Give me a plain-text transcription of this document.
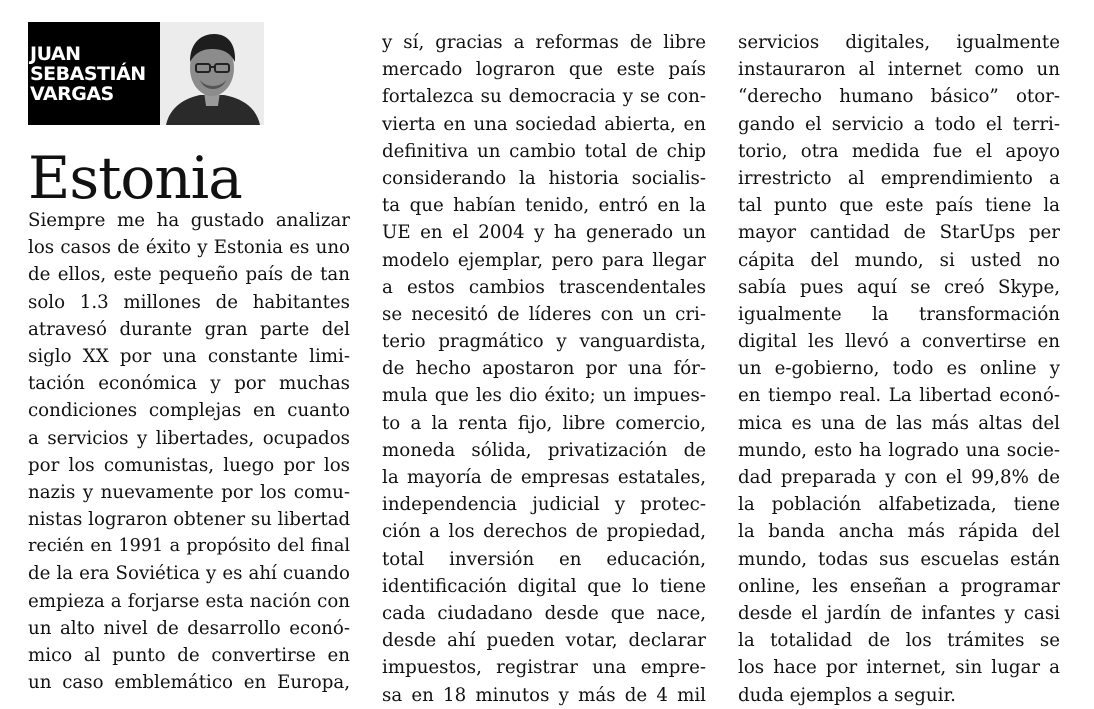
JUAN
SEBASTIÁN
VARGAS
Estonia
Siempre me ha gustado analizar
los casos de éxito y Estonia es uno
de ellos, este pequeño país de tan
solo 1.3 millones de habitantes
atravesó durante gran parte del
siglo XX por una constante limi-
tación económica y por muchas
condiciones complejas en cuanto
a servicios y libertades, ocupados
por los comunistas, luego por los
nazis y nuevamente por los comu-
nistas lograron obtener su libertad
recién en 1991 a propósito del final
de la era Soviética y es ahí cuando
empieza a forjarse esta nación con
un alto nivel de desarrollo econó-
mico al punto de convertirse en
un caso emblemático en Europa,
y sí, gracias a reformas de libre
mercado lograron que este país
fortalezca su democracia y se con-
vierta en una sociedad abierta, en
definitiva un cambio total de chip
considerando la historia socialis-
ta que habían tenido, entró en la
UE en el 2004 y ha generado un
modelo ejemplar, pero para llegar
a estos cambios trascendentales
se necesitó de líderes con un cri-
terio pragmático y vanguardista,
de hecho apostaron por una fór-
mula que les dio éxito; un impues-
to a la renta fijo, libre comercio,
moneda sólida, privatización de
la mayoría de empresas estatales,
independencia judicial y protec-
ción a los derechos de propiedad,
total inversión en educación,
identificación digital que lo tiene
cada ciudadano desde que nace,
desde ahí pueden votar, declarar
impuestos, registrar una empre-
sa en 18 minutos y más de 4 mil
servicios digitales, igualmente
instauraron al internet como un
“derecho humano básico” otor-
gando el servicio a todo el terri-
torio, otra medida fue el apoyo
irrestricto al emprendimiento a
tal punto que este país tiene la
mayor cantidad de StarUps per
cápita del mundo, si usted no
sabía pues aquí se creó Skype,
igualmente la transformación
digital les llevó a convertirse en
un e-gobierno, todo es online y
en tiempo real. La libertad econó-
mica es una de las más altas del
mundo, esto ha logrado una socie-
dad preparada y con el 99,8% de
la población alfabetizada, tiene
la banda ancha más rápida del
mundo, todas sus escuelas están
online, les enseñan a programar
desde el jardín de infantes y casi
la totalidad de los trámites se
los hace por internet, sin lugar a
duda ejemplos a seguir.
